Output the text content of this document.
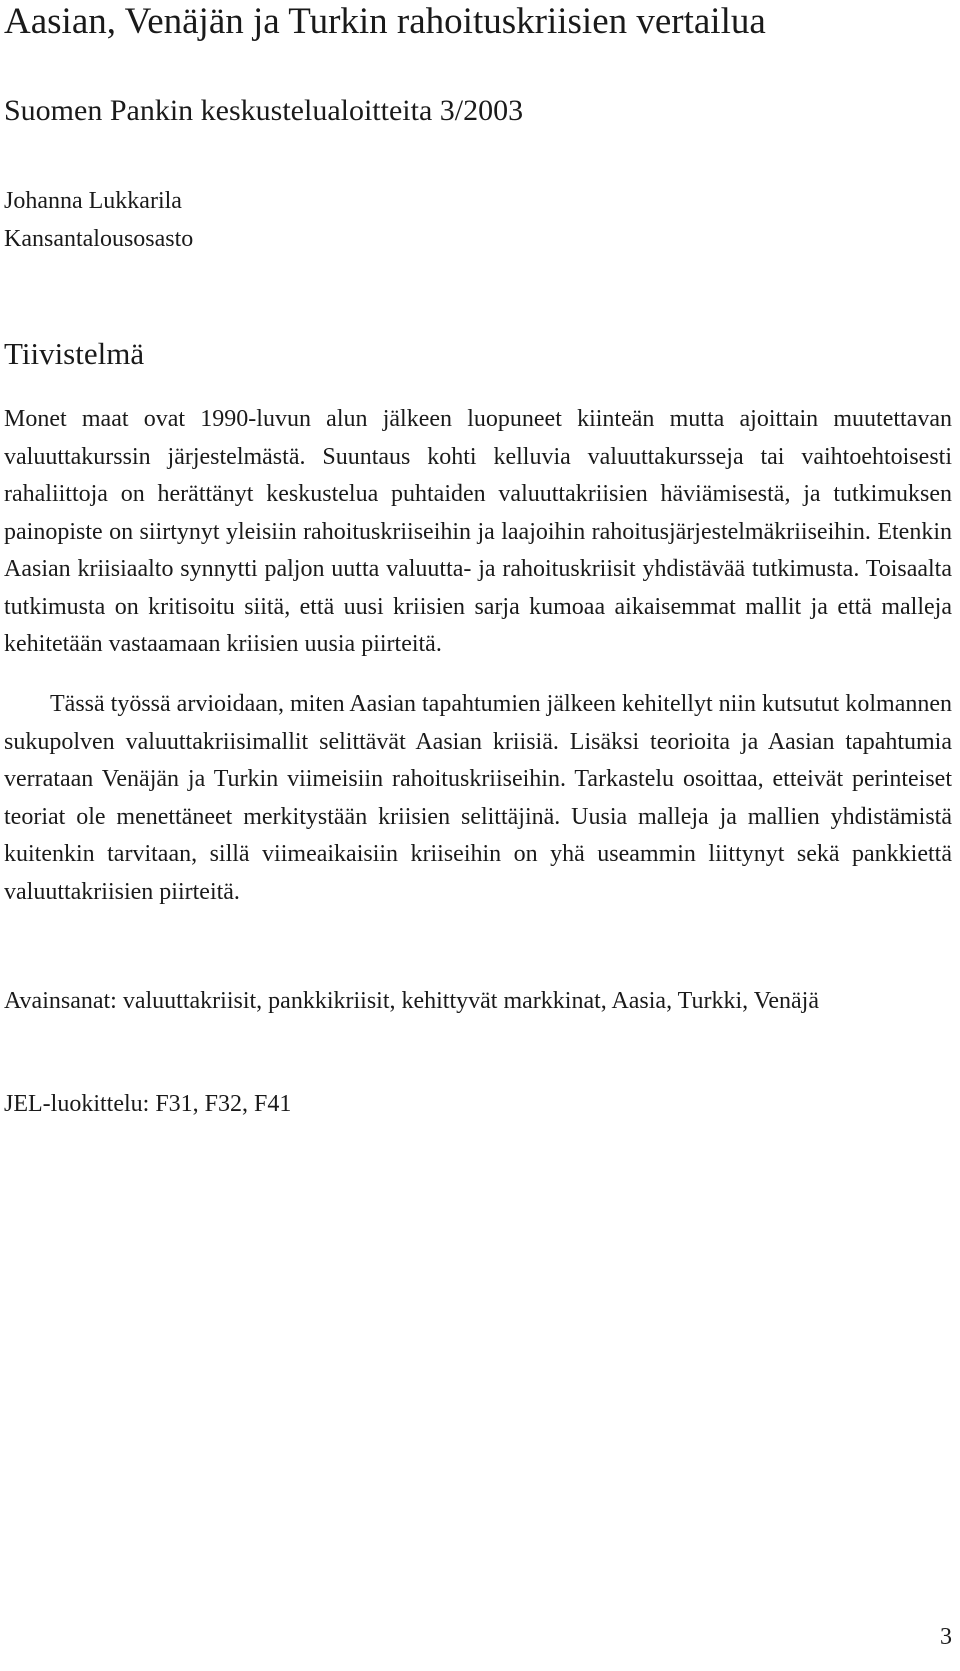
Aasian, Venäjän ja Turkin rahoituskriisien vertailua
Suomen Pankin keskustelualoitteita 3/2003
Johanna Lukkarila
Kansantalousosasto
Tiivistelmä

Monet maat ovat 1990-luvun alun jälkeen luopuneet kiinteän mutta ajoittain muutettavan valuuttakurssin järjestelmästä. Suuntaus kohti kelluvia valuuttakursseja tai vaihtoehtoisesti rahaliittoja on herättänyt keskustelua puhtaiden valuuttakriisien häviämisestä, ja tutkimuksen painopiste on siirtynyt yleisiin rahoituskriiseihin ja laajoihin rahoitusjärjestelmäkriiseihin. Etenkin Aasian kriisiaalto synnytti paljon uutta valuutta- ja rahoituskriisit yhdistävää tutkimusta. Toisaalta tutkimusta on kritisoitu siitä, että uusi kriisien sarja kumoaa aikaisemmat mallit ja että malleja kehitetään vastaamaan kriisien uusia piirteitä.

Tässä työssä arvioidaan, miten Aasian tapahtumien jälkeen kehitellyt niin kutsutut kolmannen sukupolven valuuttakriisimallit selittävät Aasian kriisiä. Lisäksi teorioita ja Aasian tapahtumia verrataan Venäjän ja Turkin viimeisiin rahoituskriiseihin. Tarkastelu osoittaa, etteivät perinteiset teoriat ole menettäneet merkitystään kriisien selittäjinä. Uusia malleja ja mallien yhdistämistä kuitenkin tarvitaan, sillä viimeaikaisiin kriiseihin on yhä useammin liittynyt sekä pankkiettä valuuttakriisien piirteitä.

Avainsanat: valuuttakriisit, pankkikriisit, kehittyvät markkinat, Aasia, Turkki, Venäjä

JEL-luokittelu: F31, F32, F41

3
